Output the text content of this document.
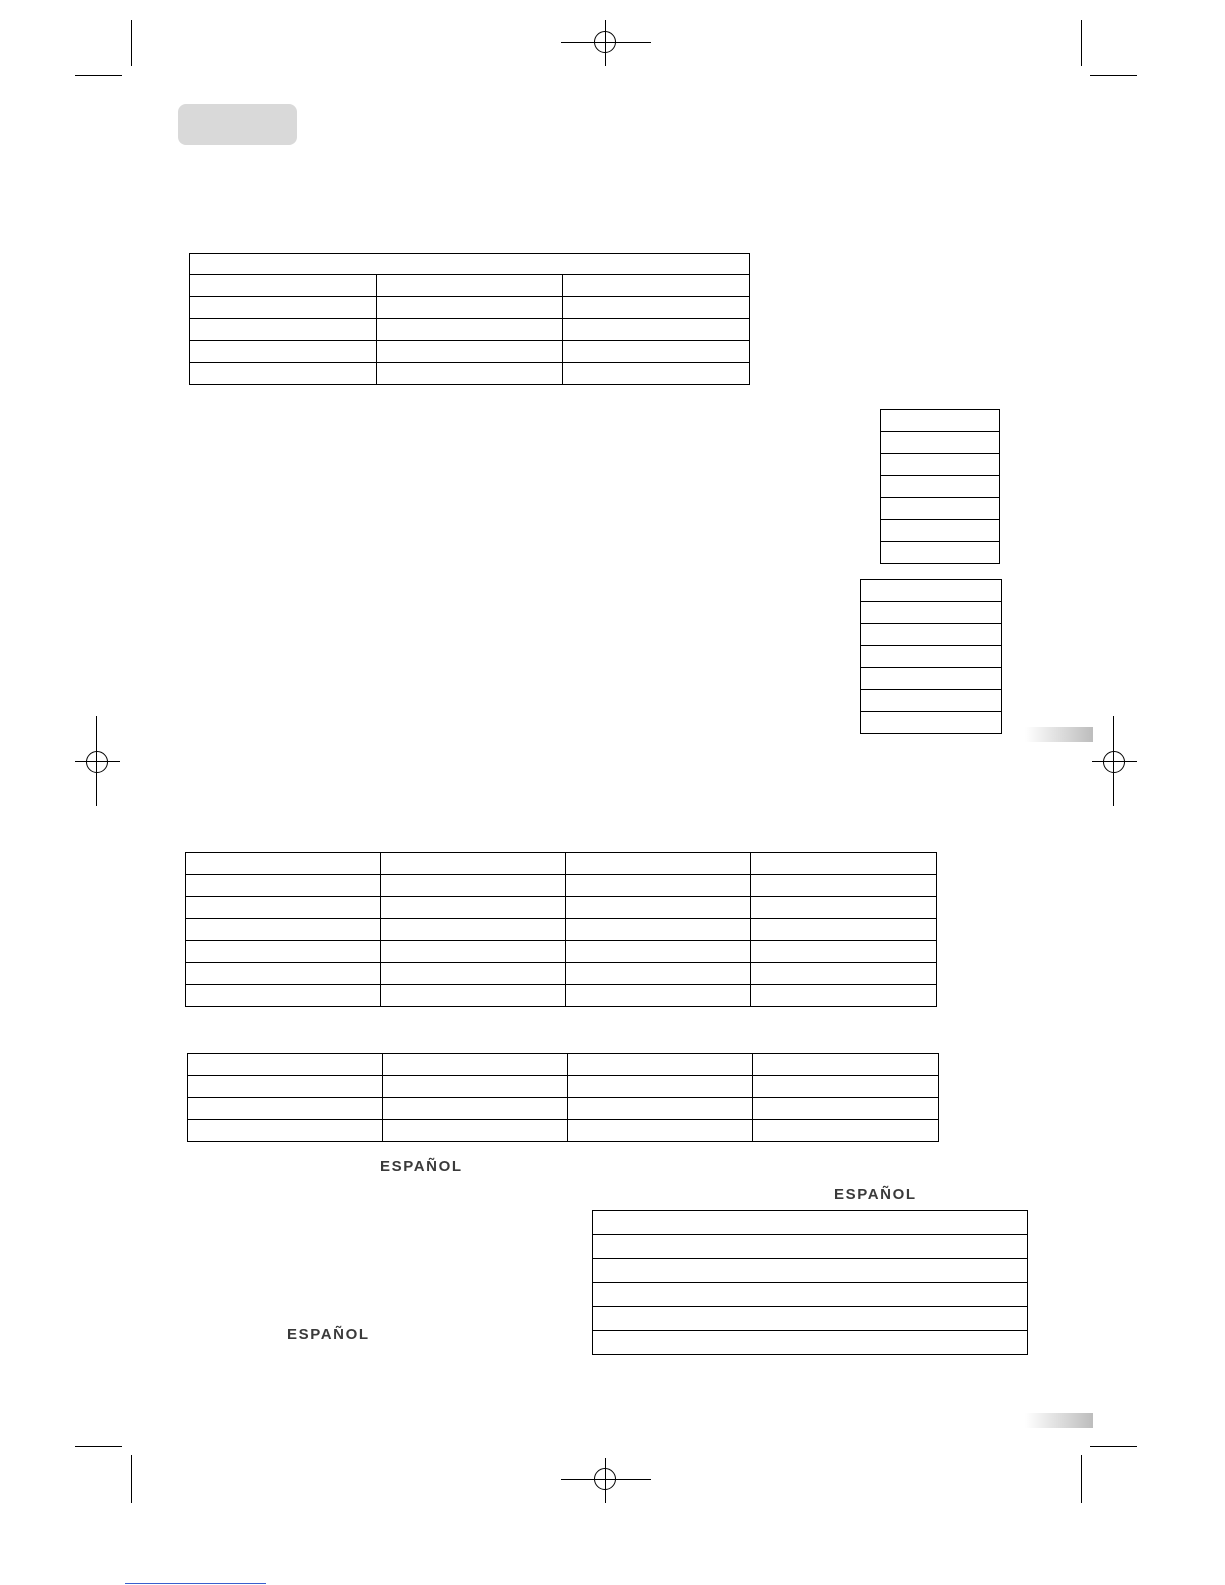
ESPAÑOL
ESPAÑOL
ESPAÑOL
